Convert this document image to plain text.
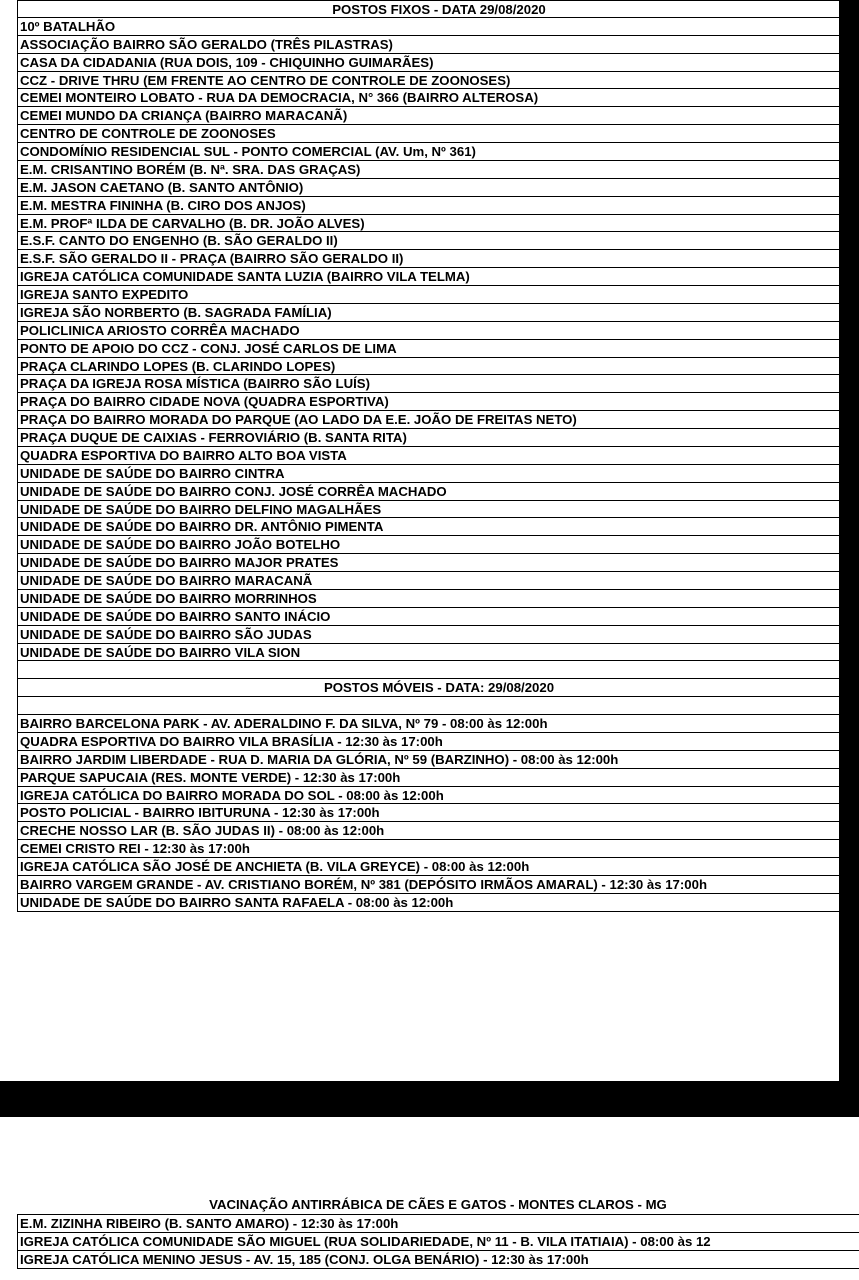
POSTOS FIXOS - DATA 29/08/2020
10º BATALHÃO
ASSOCIAÇÃO BAIRRO SÃO GERALDO (TRÊS PILASTRAS)
CASA DA CIDADANIA (RUA DOIS, 109 - CHIQUINHO GUIMARÃES)
CCZ - DRIVE THRU (EM FRENTE AO CENTRO DE CONTROLE DE ZOONOSES)
CEMEI MONTEIRO LOBATO - RUA DA DEMOCRACIA, N° 366 (BAIRRO ALTEROSA)
CEMEI MUNDO DA CRIANÇA (BAIRRO MARACANÃ)
CENTRO DE CONTROLE DE ZOONOSES
CONDOMÍNIO RESIDENCIAL SUL - PONTO COMERCIAL (AV. Um, Nº 361)
E.M. CRISANTINO BORÉM (B. Nª. SRA. DAS GRAÇAS)
E.M. JASON CAETANO (B. SANTO ANTÔNIO)
E.M. MESTRA FININHA (B. CIRO DOS ANJOS)
E.M. PROFª ILDA DE CARVALHO (B. DR. JOÃO ALVES)
E.S.F. CANTO DO ENGENHO (B. SÃO GERALDO II)
E.S.F. SÃO GERALDO II - PRAÇA (BAIRRO SÃO GERALDO II)
IGREJA CATÓLICA COMUNIDADE SANTA LUZIA (BAIRRO VILA TELMA)
IGREJA SANTO EXPEDITO
IGREJA SÃO NORBERTO (B. SAGRADA FAMÍLIA)
POLICLINICA ARIOSTO CORRÊA MACHADO
PONTO DE APOIO DO CCZ - CONJ. JOSÉ CARLOS DE LIMA
PRAÇA CLARINDO LOPES (B. CLARINDO LOPES)
PRAÇA DA IGREJA ROSA MÍSTICA (BAIRRO SÃO LUÍS)
PRAÇA DO BAIRRO CIDADE NOVA (QUADRA ESPORTIVA)
PRAÇA DO BAIRRO MORADA DO PARQUE (AO LADO DA E.E. JOÃO DE FREITAS NETO)
PRAÇA DUQUE DE CAIXIAS - FERROVIÁRIO (B. SANTA RITA)
QUADRA ESPORTIVA DO BAIRRO ALTO BOA VISTA
UNIDADE DE SAÚDE DO BAIRRO CINTRA
UNIDADE DE SAÚDE DO BAIRRO CONJ. JOSÉ CORRÊA MACHADO
UNIDADE DE SAÚDE DO BAIRRO DELFINO MAGALHÃES
UNIDADE DE SAÚDE DO BAIRRO DR. ANTÔNIO PIMENTA
UNIDADE DE SAÚDE DO BAIRRO JOÃO BOTELHO
UNIDADE DE SAÚDE DO BAIRRO MAJOR PRATES
UNIDADE DE SAÚDE DO BAIRRO MARACANÃ
UNIDADE DE SAÚDE DO BAIRRO MORRINHOS
UNIDADE DE SAÚDE DO BAIRRO SANTO INÁCIO
UNIDADE DE SAÚDE DO BAIRRO SÃO JUDAS
UNIDADE DE SAÚDE DO BAIRRO VILA SION
POSTOS MÓVEIS - DATA: 29/08/2020
BAIRRO BARCELONA PARK - AV. ADERALDINO F. DA SILVA, Nº 79 - 08:00 às 12:00h
QUADRA ESPORTIVA DO BAIRRO VILA BRASÍLIA - 12:30 às 17:00h
BAIRRO JARDIM LIBERDADE - RUA D. MARIA DA GLÓRIA, Nº 59 (BARZINHO) - 08:00 às 12:00h
PARQUE SAPUCAIA (RES. MONTE VERDE) - 12:30 às 17:00h
IGREJA CATÓLICA DO BAIRRO MORADA DO SOL - 08:00 às 12:00h
POSTO POLICIAL - BAIRRO IBITURUNA - 12:30 às 17:00h
CRECHE NOSSO LAR (B. SÃO JUDAS II) - 08:00 às 12:00h
CEMEI CRISTO REI - 12:30 às 17:00h
IGREJA CATÓLICA SÃO JOSÉ DE ANCHIETA (B. VILA GREYCE) - 08:00 às 12:00h
BAIRRO VARGEM GRANDE - AV. CRISTIANO BORÉM, Nº 381 (DEPÓSITO IRMÃOS AMARAL) - 12:30 às 17:00h
UNIDADE DE SAÚDE DO BAIRRO SANTA RAFAELA - 08:00 às 12:00h
VACINAÇÃO ANTIRRÁBICA DE CÃES E GATOS - MONTES CLAROS - MG
E.M. ZIZINHA RIBEIRO (B. SANTO AMARO) - 12:30 às 17:00h
IGREJA CATÓLICA COMUNIDADE SÃO MIGUEL (RUA SOLIDARIEDADE, Nº 11 - B. VILA ITATIAIA) - 08:00 às 12
IGREJA CATÓLICA MENINO JESUS - AV. 15, 185 (CONJ. OLGA BENÁRIO) - 12:30 às 17:00h
